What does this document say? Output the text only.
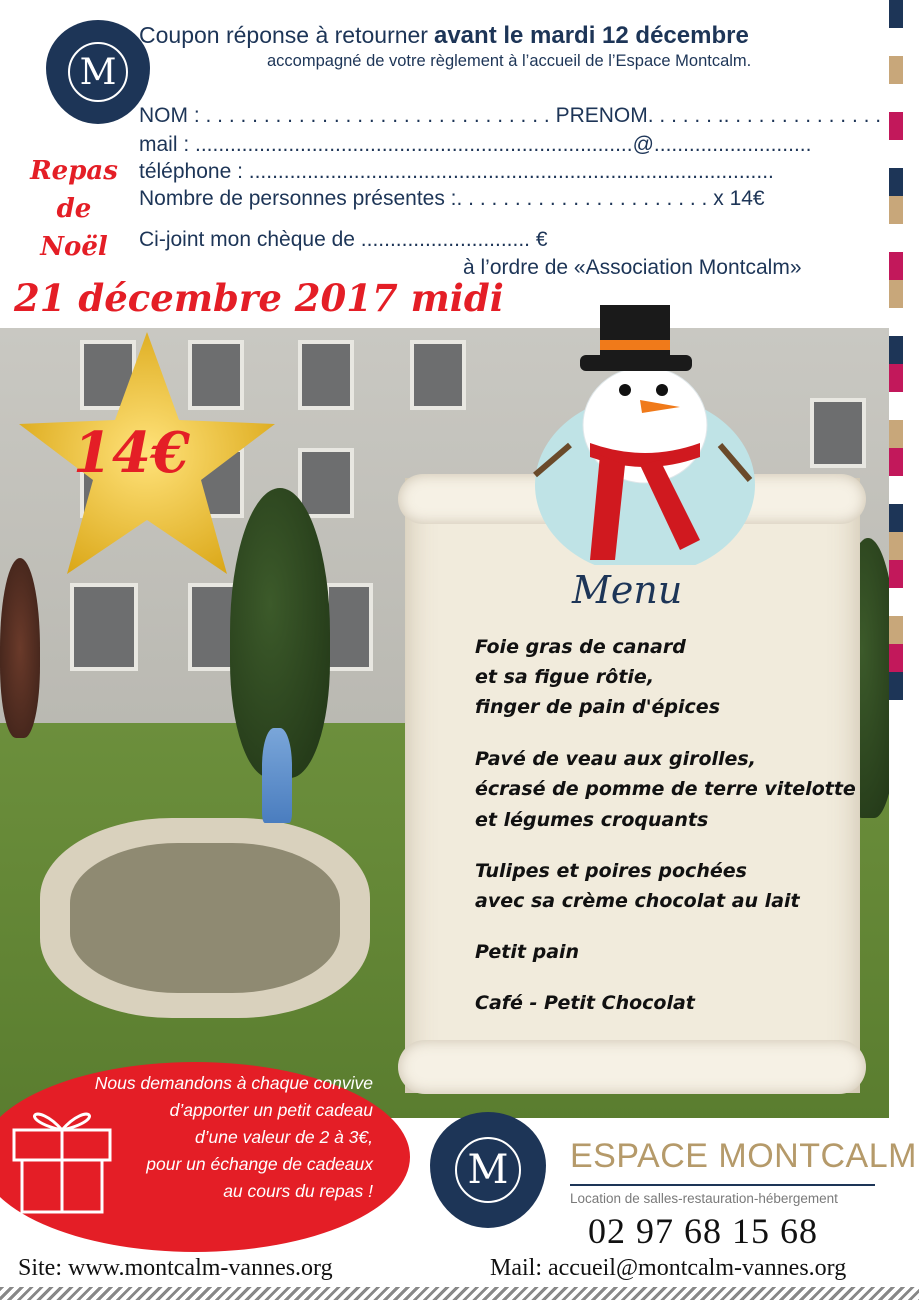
M
Coupon réponse à retourner avant le mardi 12 décembre
accompagné de votre règlement à l’accueil de l’Espace Montcalm.
NOM : . . . . . . . . . . . . . . . . . . . . . . . . . . . . . . PRENOM. . . . . . .. . . . . . . . . . . . . .
mail : ...........................................................................@...........................
téléphone : ..........................................................................................
Nombre de personnes présentes :. . . . . . . . . . . . . . . . . . . . . . x 14€
Ci-joint mon chèque de ............................. €
à l’ordre de «Association Montcalm»
Repas
de
Noël
21 décembre 2017 midi
14€
Menu
Foie gras de canard
et sa figue rôtie,
finger de pain d'épices
Pavé de veau aux girolles,
écrasé de pomme de terre vitelotte
et légumes croquants
Tulipes et poires pochées
avec sa crème chocolat au lait
Petit pain
Café - Petit Chocolat
Nous demandons à chaque convive
d’apporter un petit cadeau
d’une valeur de 2 à 3€,
pour un échange de cadeaux
au cours du repas !	M	ESPACE MONTCALM
Location de salles-restauration-hébergement
02 97 68 15 68
Site: www.montcalm-vannes.org	Mail: accueil@montcalm-vannes.org
